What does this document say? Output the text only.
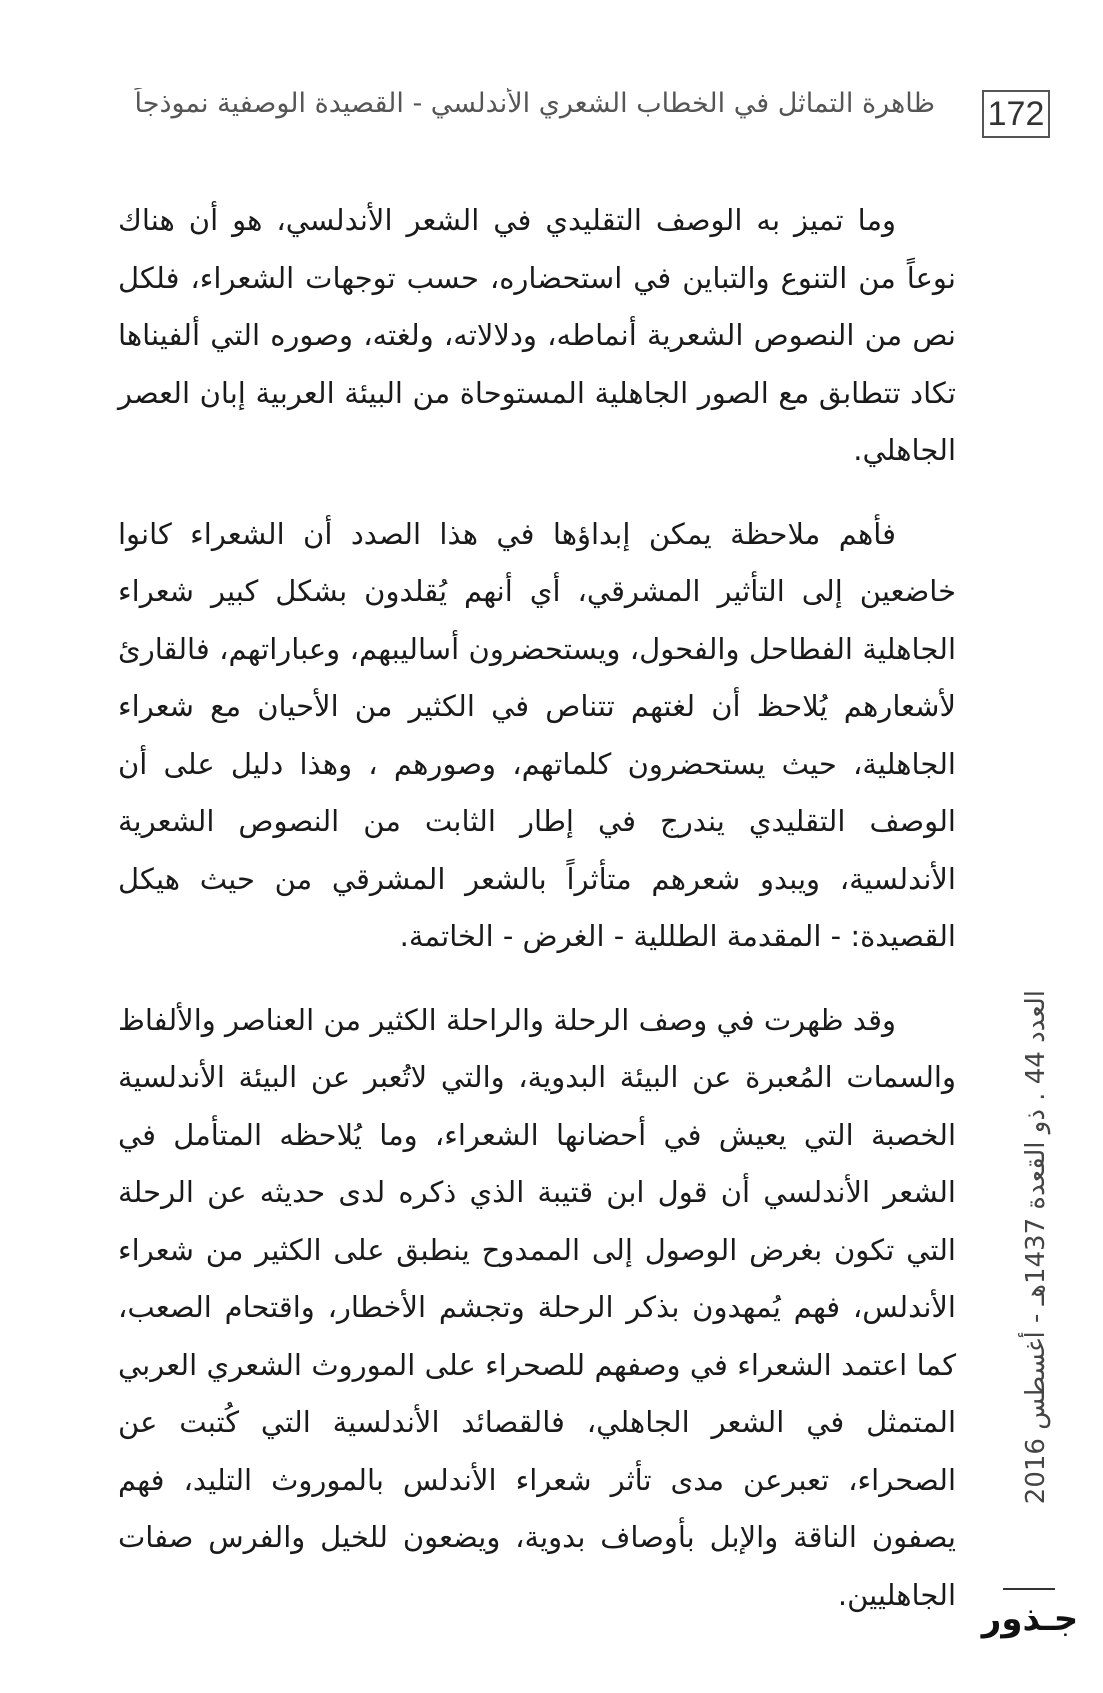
172
ظاهرة التماثل في الخطاب الشعري الأندلسي - القصيدة الوصفية نموذجاً

وما تميز به الوصف التقليدي في الشعر الأندلسي، هو أن هناك نوعاً من التنوع والتباين في استحضاره، حسب توجهات الشعراء، فلكل نص من النصوص الشعرية أنماطه، ودلالاته، ولغته، وصوره التي ألفيناها تكاد تتطابق مع الصور الجاهلية المستوحاة من البيئة العربية إبان العصر الجاهلي.

فأهم ملاحظة يمكن إبداؤها في هذا الصدد أن الشعراء كانوا خاضعين إلى التأثير المشرقي، أي أنهم يُقلدون بشكل كبير شعراء الجاهلية الفطاحل والفحول، ويستحضرون أساليبهم، وعباراتهم، فالقارئ لأشعارهم يُلاحظ أن لغتهم تتناص في الكثير من الأحيان مع شعراء الجاهلية، حيث يستحضرون كلماتهم، وصورهم ، وهذا دليل على أن الوصف التقليدي يندرج في إطار الثابت من النصوص الشعرية الأندلسية، ويبدو شعرهم متأثراً بالشعر المشرقي من حيث هيكل القصيدة: - المقدمة الطللية - الغرض - الخاتمة.

وقد ظهرت في وصف الرحلة والراحلة الكثير من العناصر والألفاظ والسمات المُعبرة عن البيئة البدوية، والتي لاتُعبر عن البيئة الأندلسية الخصبة التي يعيش في أحضانها الشعراء، وما يُلاحظه المتأمل في الشعر الأندلسي أن قول ابن قتيبة الذي ذكره لدى حديثه عن الرحلة التي تكون بغرض الوصول إلى الممدوح ينطبق على الكثير من شعراء الأندلس، فهم يُمهدون بذكر الرحلة وتجشم الأخطار، واقتحام الصعب، كما اعتمد الشعراء في وصفهم للصحراء على الموروث الشعري العربي المتمثل في الشعر الجاهلي، فالقصائد الأندلسية التي كُتبت عن الصحراء، تعبرعن مدى تأثر شعراء الأندلس بالموروث التليد، فهم يصفون الناقة والإبل بأوصاف بدوية، ويضعون للخيل والفرس صفات الجاهليين.

العدد 44 . ذو القعدة 1437هـ - أغسطس 2016
جـذور
